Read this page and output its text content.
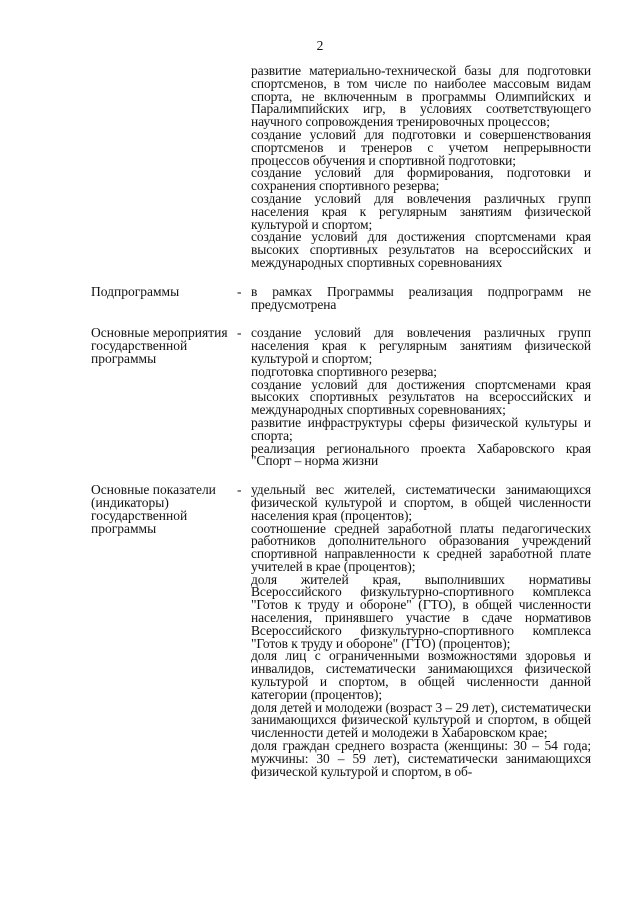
2

развитие материально-технической базы для подготовки спортсменов, в том числе по наиболее массовым видам спорта, не включенным в программы Олимпийских и Паралимпийских игр, в условиях соответствующего научного сопровождения тренировочных процессов;

создание условий для подготовки и совершенствования спортсменов и тренеров с учетом непрерывности процессов обучения и спортивной подготовки;

создание условий для формирования, подготовки и сохранения спортивного резерва;

создание условий для вовлечения различных групп населения края к регулярным занятиям физической культурой и спортом;

создание условий для достижения спортсменами края высоких спортивных результатов на всероссийских и международных спортивных соревнованиях

Подпрограммы	- в рамках Программы реализация подпрограмм не предусмотрена

Основные мероприятия государственной программы
- создание условий для вовлечения различных групп населения края к регулярным занятиям физической культурой и спортом;

подготовка спортивного резерва;

создание условий для достижения спортсменами края высоких спортивных результатов на всероссийских и международных спортивных соревнованиях;

развитие инфраструктуры сферы физической культуры и спорта;

реализация регионального проекта Хабаровского края "Спорт – норма жизни

Основные показатели (индикаторы) государственной программы
- удельный вес жителей, систематически занимающихся физической культурой и спортом, в общей численности населения края (процентов);

соотношение средней заработной платы педагогических работников дополнительного образования учреждений спортивной направленности к средней заработной плате учителей в крае (процентов);

доля жителей края, выполнивших нормативы Всероссийского физкультурно-спортивного комплекса "Готов к труду и обороне" (ГТО), в общей численности населения, принявшего участие в сдаче нормативов Всероссийского физкультурно-спортивного комплекса "Готов к труду и обороне" (ГТО) (процентов);

доля лиц с ограниченными возможностями здоровья и инвалидов, систематически занимающихся физической культурой и спортом, в общей численности данной категории (процентов);

доля детей и молодежи (возраст 3 – 29 лет), систематически занимающихся физической культурой и спортом, в общей численности детей и молодежи в Хабаровском крае;

доля граждан среднего возраста (женщины: 30 – 54 года; мужчины: 30 – 59 лет), систематически занимающихся физической культурой и спортом, в об-
